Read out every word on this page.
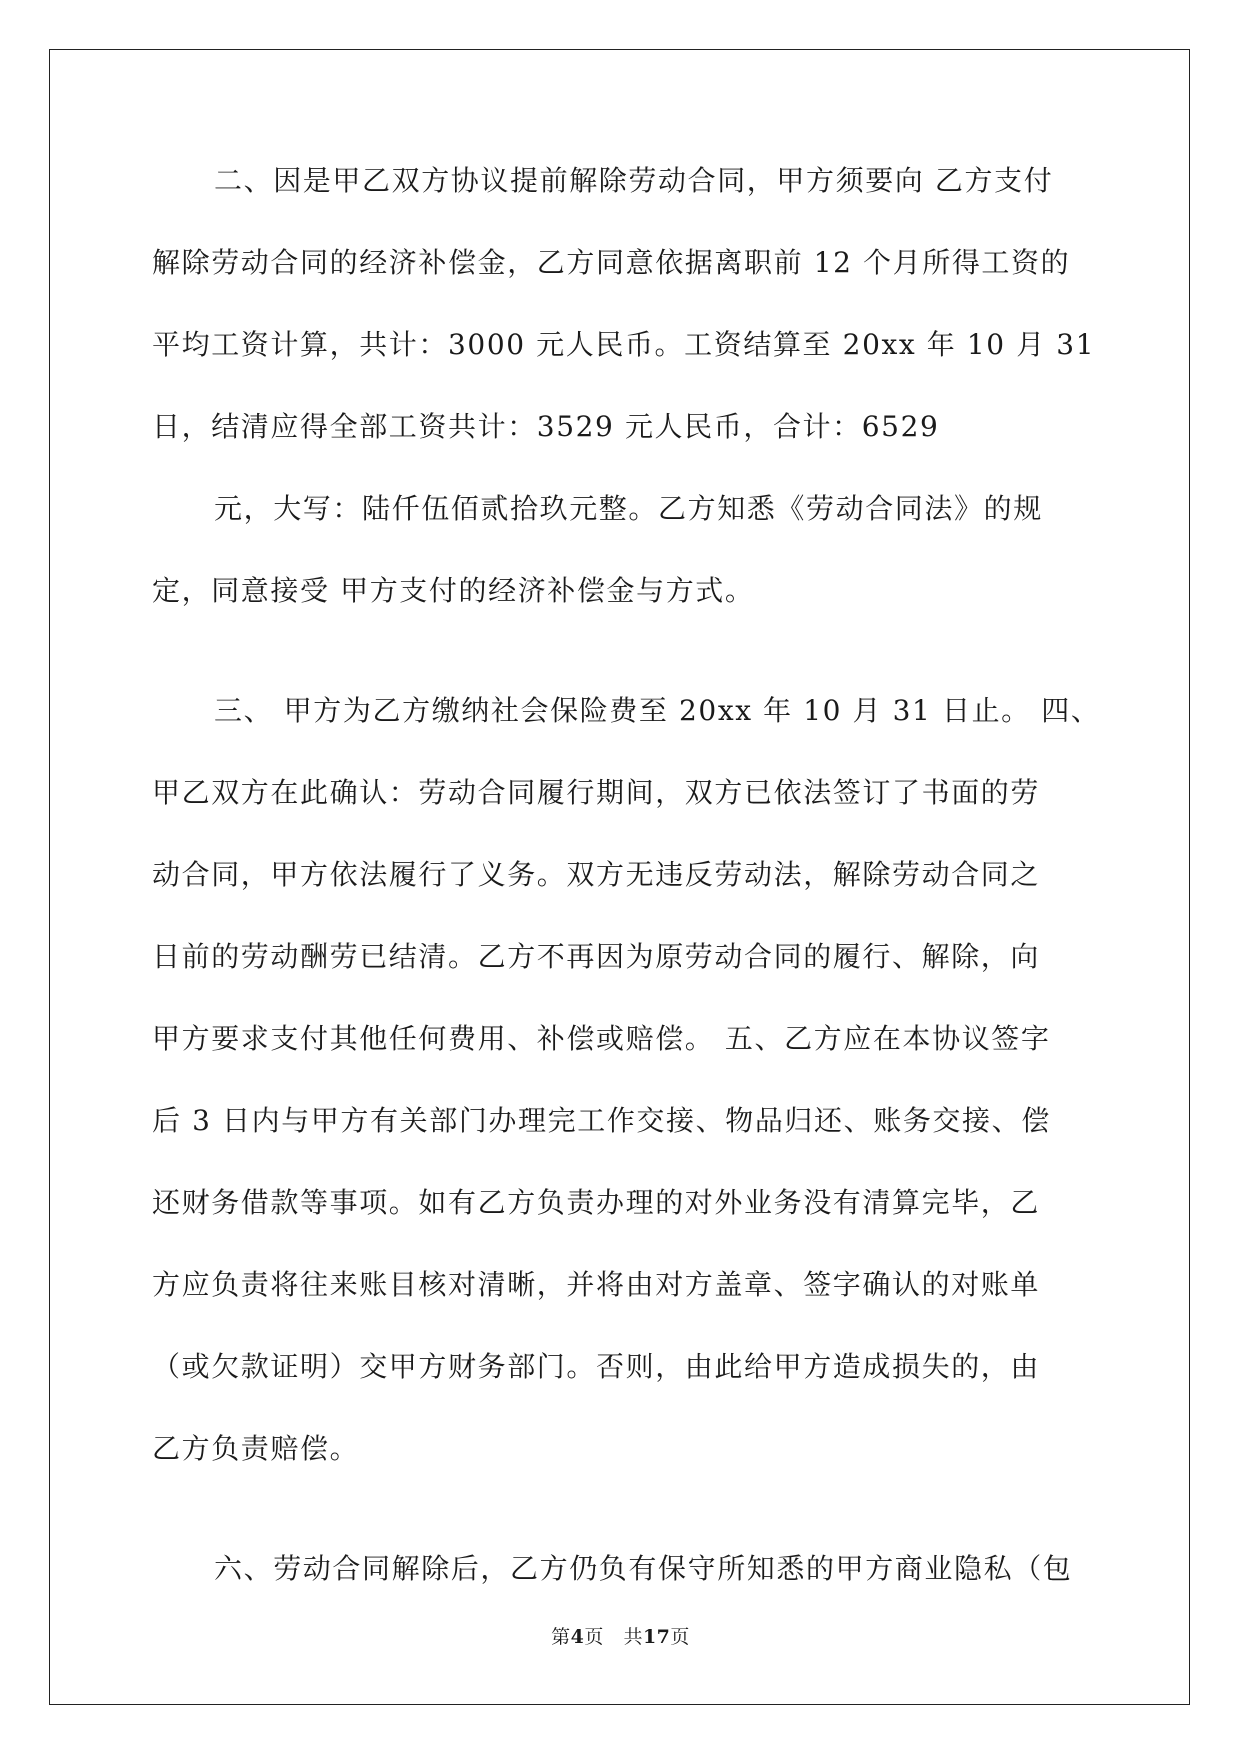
二、因是甲乙双方协议提前解除劳动合同，甲方须要向 乙方支付
解除劳动合同的经济补偿金，乙方同意依据离职前 12 个月所得工资的
平均工资计算，共计：3000 元人民币。工资结算至 20xx 年 10 月 31
日，结清应得全部工资共计：3529 元人民币，合计：6529
元，大写：陆仟伍佰贰拾玖元整。乙方知悉《劳动合同法》的规
定，同意接受 甲方支付的经济补偿金与方式。
三、 甲方为乙方缴纳社会保险费至 20xx 年 10 月 31 日止。 四、
甲乙双方在此确认：劳动合同履行期间，双方已依法签订了书面的劳
动合同，甲方依法履行了义务。双方无违反劳动法，解除劳动合同之
日前的劳动酬劳已结清。乙方不再因为原劳动合同的履行、解除，向
甲方要求支付其他任何费用、补偿或赔偿。 五、乙方应在本协议签字
后 3 日内与甲方有关部门办理完工作交接、物品归还、账务交接、偿
还财务借款等事项。如有乙方负责办理的对外业务没有清算完毕，乙
方应负责将往来账目核对清晰，并将由对方盖章、签字确认的对账单
（或欠款证明）交甲方财务部门。否则，由此给甲方造成损失的，由
乙方负责赔偿。
六、劳动合同解除后，乙方仍负有保守所知悉的甲方商业隐私（包
第4页   共17页
